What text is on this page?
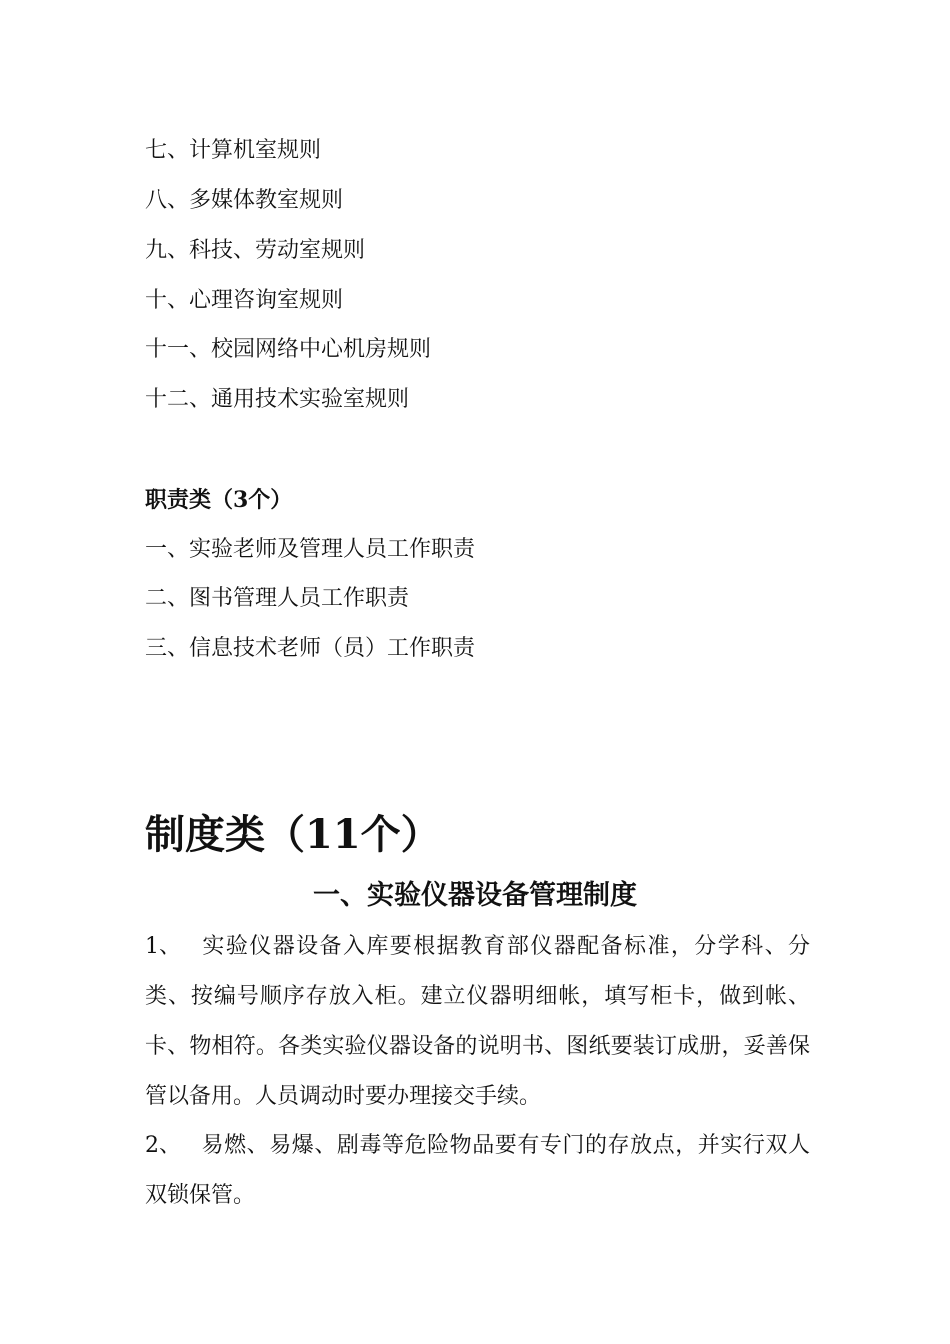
七、计算机室规则
八、多媒体教室规则
九、科技、劳动室规则
十、心理咨询室规则
十一、校园网络中心机房规则
十二、通用技术实验室规则
职责类（3个）
一、实验老师及管理人员工作职责
二、图书管理人员工作职责
三、信息技术老师（员）工作职责
制度类（11个）
一、实验仪器设备管理制度
1、 实验仪器设备入库要根据教育部仪器配备标准，分学科、分类、按编号顺序存放入柜。建立仪器明细帐，填写柜卡，做到帐、卡、物相符。各类实验仪器设备的说明书、图纸要装订成册，妥善保管以备用。人员调动时要办理接交手续。
2、 易燃、易爆、剧毒等危险物品要有专门的存放点，并实行双人双锁保管。
